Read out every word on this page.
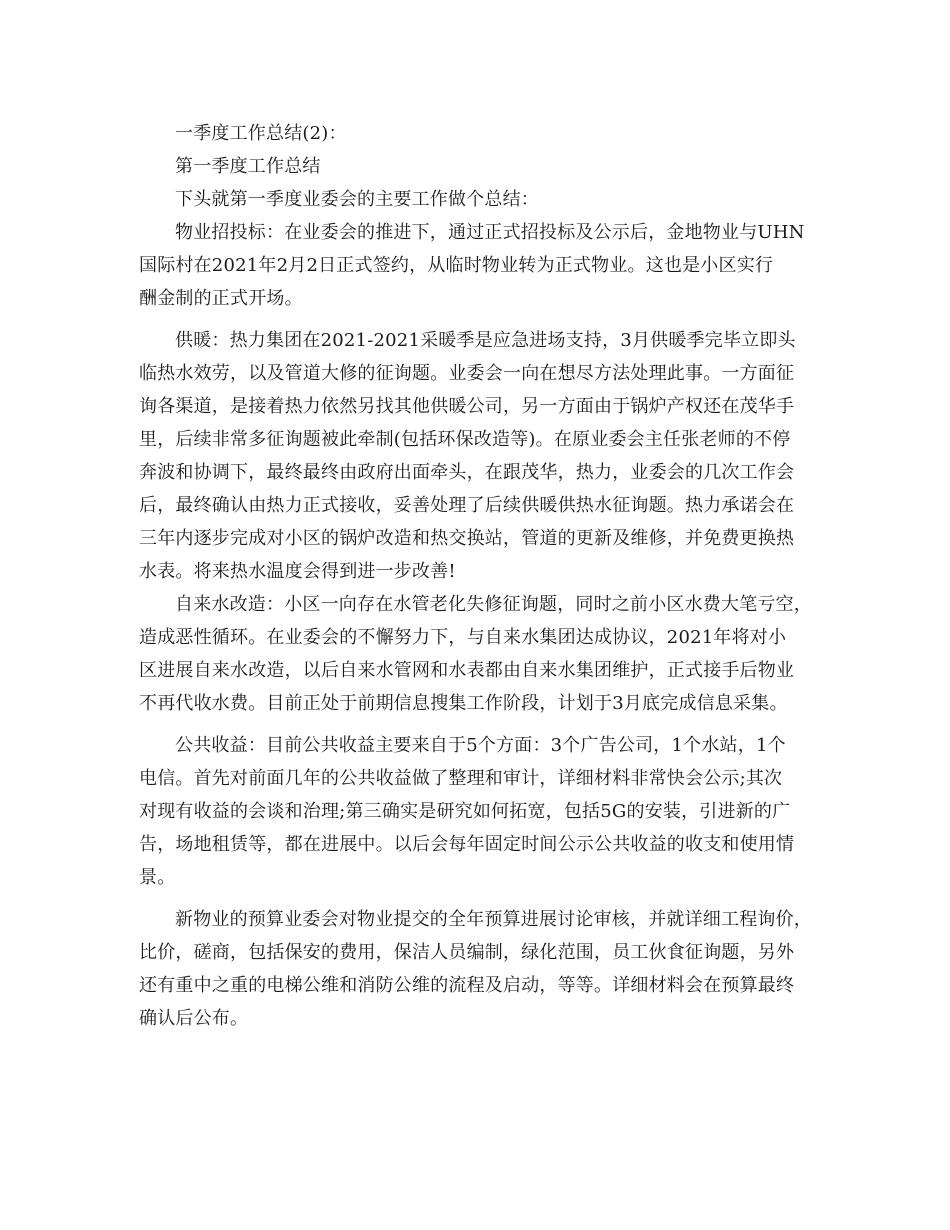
一季度工作总结(2)：
第一季度工作总结
下头就第一季度业委会的主要工作做个总结：
物业招投标：在业委会的推进下，通过正式招投标及公示后，金地物业与UHN
国际村在2021年2月2日正式签约，从临时物业转为正式物业。这也是小区实行
酬金制的正式开场。
供暖：热力集团在2021-2021采暖季是应急进场支持，3月供暖季完毕立即头
临热水效劳，以及管道大修的征询题。业委会一向在想尽方法处理此事。一方面征
询各渠道，是接着热力依然另找其他供暖公司，另一方面由于锅炉产权还在茂华手
里，后续非常多征询题被此牵制(包括环保改造等)。在原业委会主任张老师的不停
奔波和协调下，最终最终由政府出面牵头，在跟茂华，热力，业委会的几次工作会
后，最终确认由热力正式接收，妥善处理了后续供暖供热水征询题。热力承诺会在
三年内逐步完成对小区的锅炉改造和热交换站，管道的更新及维修，并免费更换热
水表。将来热水温度会得到进一步改善!
自来水改造：小区一向存在水管老化失修征询题，同时之前小区水费大笔亏空，
造成恶性循环。在业委会的不懈努力下，与自来水集团达成协议，2021年将对小
区进展自来水改造，以后自来水管网和水表都由自来水集团维护，正式接手后物业
不再代收水费。目前正处于前期信息搜集工作阶段，计划于3月底完成信息采集。
公共收益：目前公共收益主要来自于5个方面：3个广告公司，1个水站，1个
电信。首先对前面几年的公共收益做了整理和审计，详细材料非常快会公示;其次
对现有收益的会谈和治理;第三确实是研究如何拓宽，包括5G的安装，引进新的广
告，场地租赁等，都在进展中。以后会每年固定时间公示公共收益的收支和使用情
景。
新物业的预算业委会对物业提交的全年预算进展讨论审核，并就详细工程询价，
比价，磋商，包括保安的费用，保洁人员编制，绿化范围，员工伙食征询题，另外
还有重中之重的电梯公维和消防公维的流程及启动，等等。详细材料会在预算最终
确认后公布。
